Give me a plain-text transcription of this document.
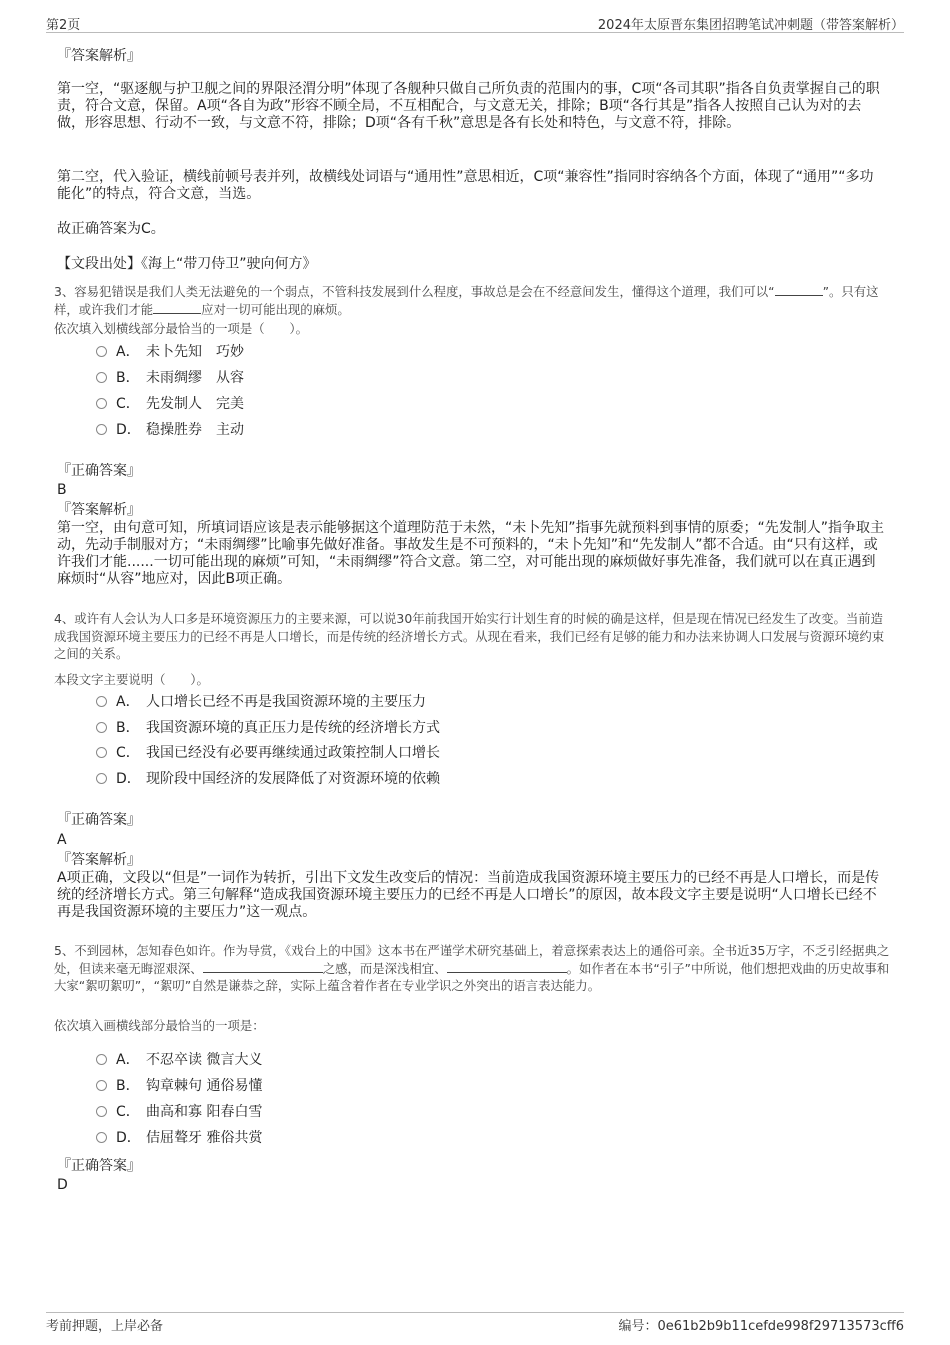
第2页	2024年太原晋东集团招聘笔试冲刺题（带答案解析）
『答案解析』
第一空，“驱逐舰与护卫舰之间的界限泾渭分明”体现了各舰种只做自己所负责的范围内的事，C项“各司其职”指各自负责掌握自己的职责，符合文意，保留。A项“各自为政”形容不顾全局，不互相配合，与文意无关，排除；B项“各行其是”指各人按照自己认为对的去做，形容思想、行动不一致，与文意不符，排除；D项“各有千秋”意思是各有长处和特色，与文意不符，排除。
第二空，代入验证，横线前顿号表并列，故横线处词语与“通用性”意思相近，C项“兼容性”指同时容纳各个方面，体现了“通用”“多功能化”的特点，符合文意，当选。
故正确答案为C。
【文段出处】《海上“带刀侍卫”驶向何方》
3、容易犯错误是我们人类无法避免的一个弱点，不管科技发展到什么程度，事故总是会在不经意间发生，懂得这个道理，我们可以“	”。只有这样，或许我们才能	应对一切可能出现的麻烦。
依次填入划横线部分最恰当的一项是（　　）。
A． 未卜先知　巧妙
B． 未雨绸缪　从容
C． 先发制人　完美
D． 稳操胜券　主动
『正确答案』
B
『答案解析』
第一空，由句意可知，所填词语应该是表示能够据这个道理防范于未然，“未卜先知”指事先就预料到事情的原委；“先发制人”指争取主动，先动手制服对方；“未雨绸缪”比喻事先做好准备。事故发生是不可预料的，“未卜先知”和“先发制人”都不合适。由“只有这样，或许我们才能......一切可能出现的麻烦”可知，“未雨绸缪”符合文意。第二空，对可能出现的麻烦做好事先准备，我们就可以在真正遇到麻烦时“从容”地应对，因此B项正确。
4、或许有人会认为人口多是环境资源压力的主要来源，可以说30年前我国开始实行计划生育的时候的确是这样，但是现在情况已经发生了改变。当前造成我国资源环境主要压力的已经不再是人口增长，而是传统的经济增长方式。从现在看来，我们已经有足够的能力和办法来协调人口发展与资源环境约束之间的关系。
本段文字主要说明（　　）。
A． 人口增长已经不再是我国资源环境的主要压力
B． 我国资源环境的真正压力是传统的经济增长方式
C． 我国已经没有必要再继续通过政策控制人口增长
D． 现阶段中国经济的发展降低了对资源环境的依赖
『正确答案』
A
『答案解析』
A项正确，文段以“但是”一词作为转折，引出下文发生改变后的情况：当前造成我国资源环境主要压力的已经不再是人口增长，而是传统的经济增长方式。第三句解释“造成我国资源环境主要压力的已经不再是人口增长”的原因，故本段文字主要是说明“人口增长已经不再是我国资源环境的主要压力”这一观点。
5、不到园林，怎知春色如许。作为导赏，《戏台上的中国》这本书在严谨学术研究基础上，着意探索表达上的通俗可亲。全书近35万字，不乏引经据典之处，但读来毫无晦涩艰深、	之感，而是深浅相宜、	。如作者在本书“引子”中所说，他们想把戏曲的历史故事和大家“絮叨絮叨”，“絮叨”自然是谦恭之辞，实际上蕴含着作者在专业学识之外突出的语言表达能力。
依次填入画横线部分最恰当的一项是：
A． 不忍卒读 微言大义
B． 钩章棘句 通俗易懂
C． 曲高和寡 阳春白雪
D． 佶屈聱牙 雅俗共赏
『正确答案』
D
考前押题，上岸必备	编号：0e61b2b9b11cefde998f29713573cff6
